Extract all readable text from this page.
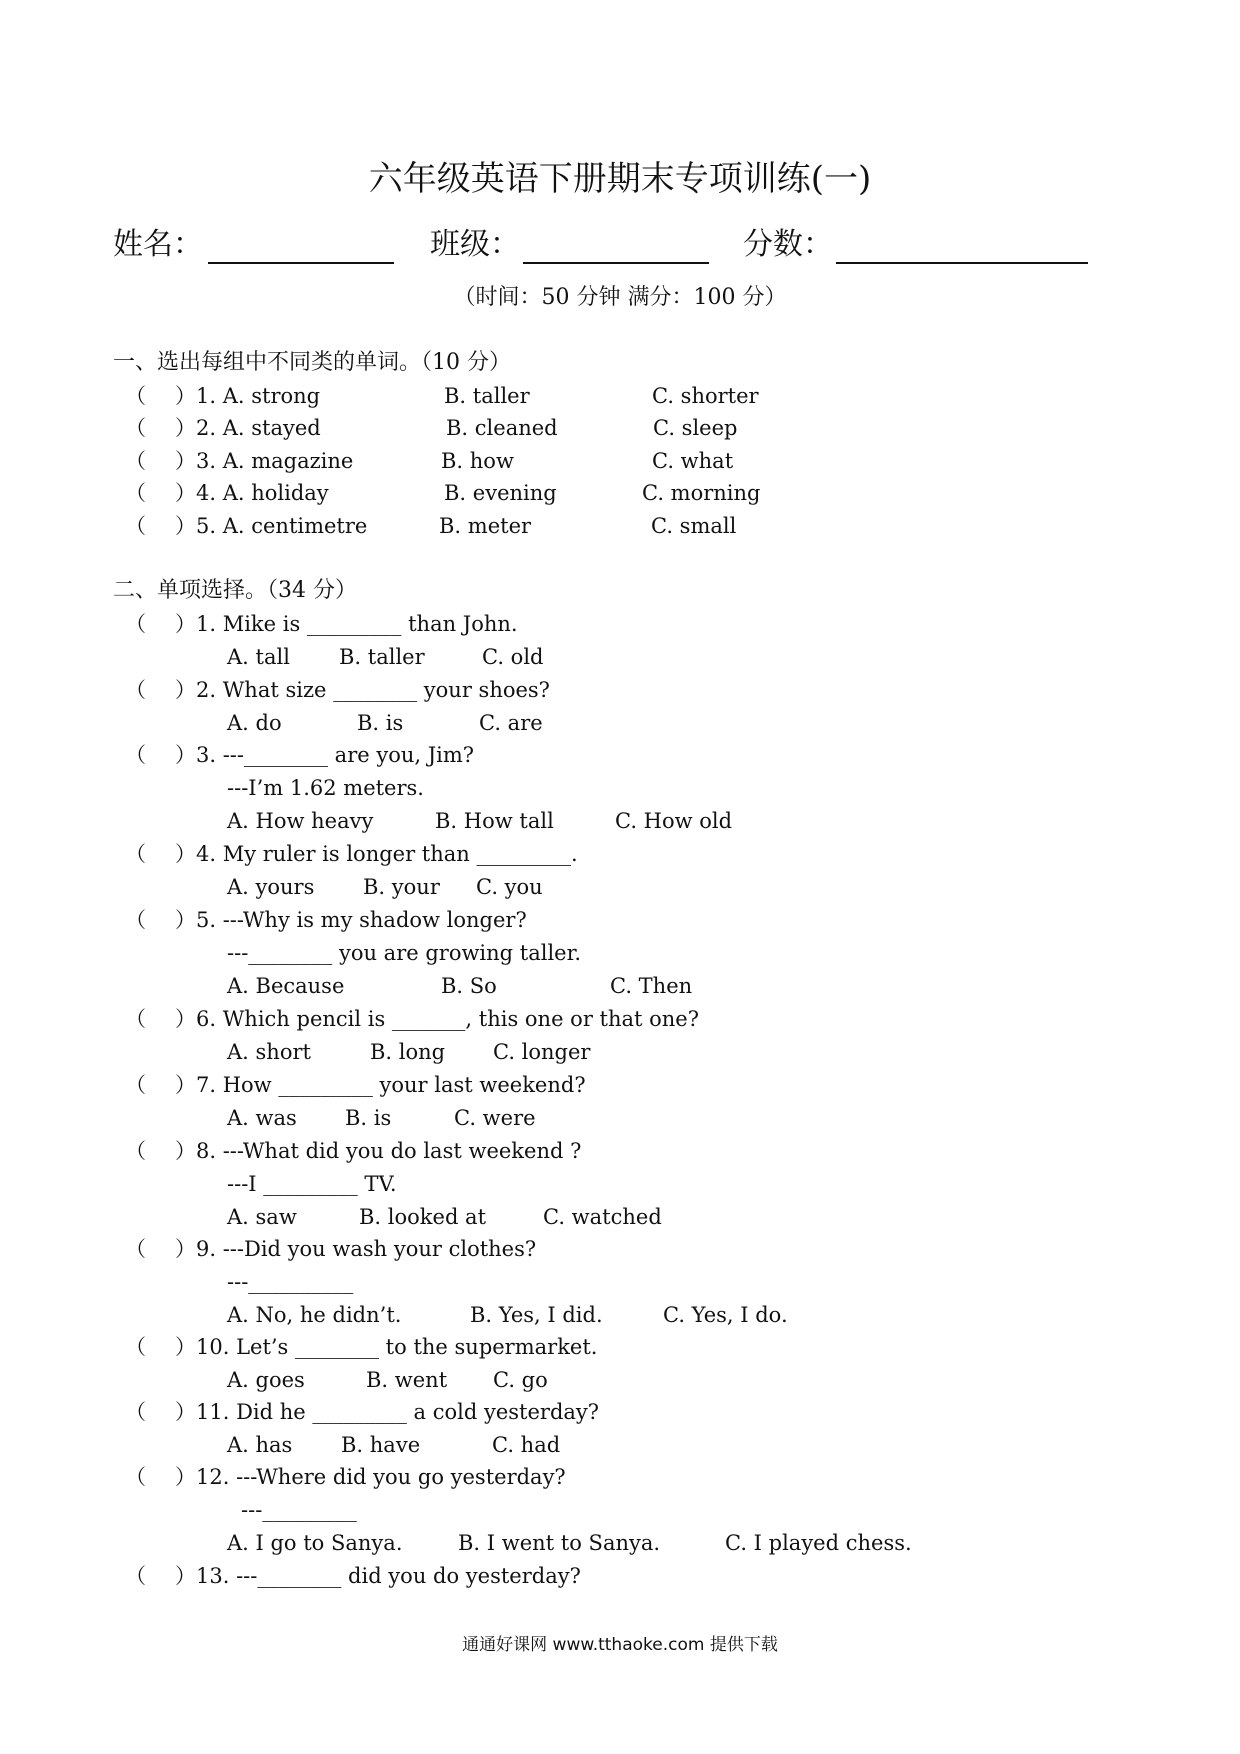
六年级英语下册期末专项训练(一)
姓名：	班级：	分数：
（时间：50 分钟 满分：100 分）
一、选出每组中不同类的单词。（10 分）
（ ）1. A. strong	B. taller	C. shorter
（ ）2. A. stayed	B. cleaned	C. sleep
（ ）3. A. magazine	B. how	C. what
（ ）4. A. holiday	B. evening	C. morning
（ ）5. A. centimetre	B. meter	C. small
二、单项选择。（34 分）
（ ）1. Mike is _________ than John.
A. tall B. taller	C. old
（ ）2. What size ________ your shoes?
A. do	B. is	C. are
（ ）3. ---________ are you, Jim?
---I’m 1.62 meters.
A. How heavy	B. How tall	C. How old
（ ）4. My ruler is longer than _________.
A. yours B. your C. you
（ ）5. ---Why is my shadow longer?
---________ you are growing taller.
A. Because	B. So	C. Then
（ ）6. Which pencil is _______, this one or that one?
A. short	B. long C. longer
（ ）7. How _________ your last weekend?
A. was B. is	C. were
（ ）8. ---What did you do last weekend ?
---I _________ TV.
A. saw	B. looked at	C. watched
（ ）9. ---Did you wash your clothes?
---__________
A. No, he didn’t.	B. Yes, I did.	C. Yes, I do.
（ ）10. Let’s ________ to the supermarket.
A. goes	B. went C. go
（ ）11. Did he _________ a cold yesterday?
A. has B. have	C. had
（ ）12. ---Where did you go yesterday?
---_________
A. I go to Sanya.	B. I went to Sanya.	C. I played chess.
（ ）13. ---________ did you do yesterday?
通通好课网 www.tthaoke.com 提供下载
